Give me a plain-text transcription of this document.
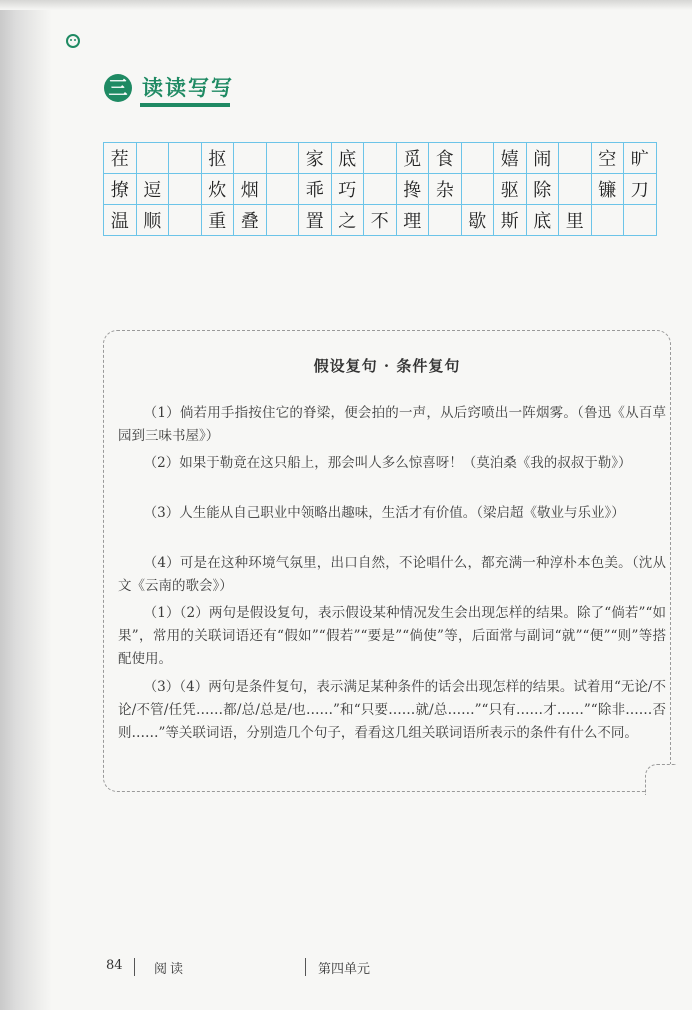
三 读读写写
茬			抠			家	底		觅	食		嬉	闹		空	旷
撩	逗		炊	烟		乖	巧		搀	杂		驱	除		镰	刀
温	顺		重	叠		置	之	不	理		歇	斯	底	里		
假设复句 · 条件复句
（1）倘若用手指按住它的脊梁，便会拍的一声，从后窍喷出一阵烟雾。（鲁迅《从百草园到三味书屋》）
（2）如果于勒竟在这只船上，那会叫人多么惊喜呀！（莫泊桑《我的叔叔于勒》）
（3）人生能从自己职业中领略出趣味，生活才有价值。（梁启超《敬业与乐业》）
（4）可是在这种环境气氛里，出口自然，不论唱什么，都充满一种淳朴本色美。（沈从文《云南的歌会》）
（1）（2）两句是假设复句，表示假设某种情况发生会出现怎样的结果。除了“倘若”“如果”，常用的关联词语还有“假如”“假若”“要是”“倘使”等，后面常与副词“就”“便”“则”等搭配使用。
（3）（4）两句是条件复句，表示满足某种条件的话会出现怎样的结果。试着用“无论/不论/不管/任凭……都/总/总是/也……”和“只要……就/总……”“只有……才……”“除非……否则……”等关联词语，分别造几个句子，看看这几组关联词语所表示的条件有什么不同。
84 阅读	第四单元
